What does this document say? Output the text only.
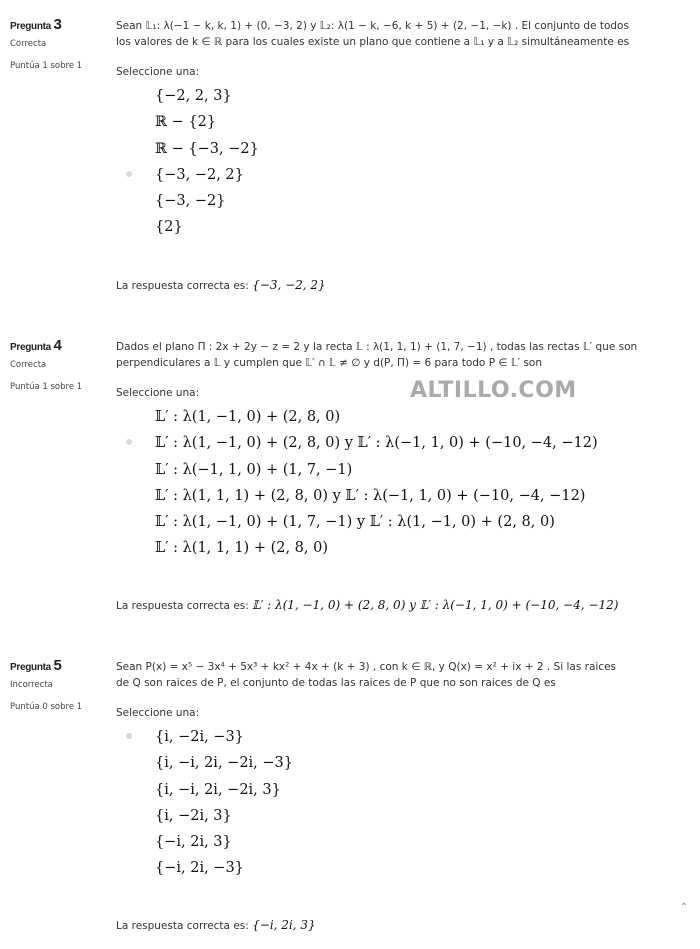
Pregunta 3
Correcta
Puntúa 1 sobre 1
Sean 𝕃₁: λ(−1 − k, k, 1) + (0, −3, 2) y 𝕃₂: λ(1 − k, −6, k + 5) + (2, −1, −k) . El conjunto de todos
los valores de k ∈ ℝ para los cuales existe un plano que contiene a 𝕃₁ y a 𝕃₂ simultáneamente es
Seleccione una:
{−2, 2, 3}
ℝ − {2}
ℝ − {−3, −2}
{−3, −2, 2}
{−3, −2}
{2}
La respuesta correcta es: {−3, −2, 2}
Pregunta 4
Correcta
Puntúa 1 sobre 1
Dados el plano Π : 2x + 2y − z = 2 y la recta 𝕃 : λ(1, 1, 1) + (1, 7, −1) , todas las rectas 𝕃′ que son
perpendiculares a 𝕃 y cumplen que 𝕃′ ∩ 𝕃 ≠ ∅ y d(P, Π) = 6 para todo P ∈ 𝕃′ son
Seleccione una:
𝕃′ : λ(1, −1, 0) + (2, 8, 0)
𝕃′ : λ(1, −1, 0) + (2, 8, 0) y 𝕃′ : λ(−1, 1, 0) + (−10, −4, −12)
𝕃′ : λ(−1, 1, 0) + (1, 7, −1)
𝕃′ : λ(1, 1, 1) + (2, 8, 0) y 𝕃′ : λ(−1, 1, 0) + (−10, −4, −12)
𝕃′ : λ(1, −1, 0) + (1, 7, −1) y 𝕃′ : λ(1, −1, 0) + (2, 8, 0)
𝕃′ : λ(1, 1, 1) + (2, 8, 0)
La respuesta correcta es: 𝕃′ : λ(1, −1, 0) + (2, 8, 0) y 𝕃′ : λ(−1, 1, 0) + (−10, −4, −12)
Pregunta 5
Incorrecta
Puntúa 0 sobre 1
Sean P(x) = x⁵ − 3x⁴ + 5x³ + kx² + 4x + (k + 3) , con k ∈ ℝ, y Q(x) = x² + ix + 2 . Si las raices
de Q son raices de P, el conjunto de todas las raices de P que no son raices de Q es
Seleccione una:
{i, −2i, −3}
{i, −i, 2i, −2i, −3}
{i, −i, 2i, −2i, 3}
{i, −2i, 3}
{−i, 2i, 3}
{−i, 2i, −3}
La respuesta correcta es: {−i, 2i, 3}
ALTILLO.COM
⌃
